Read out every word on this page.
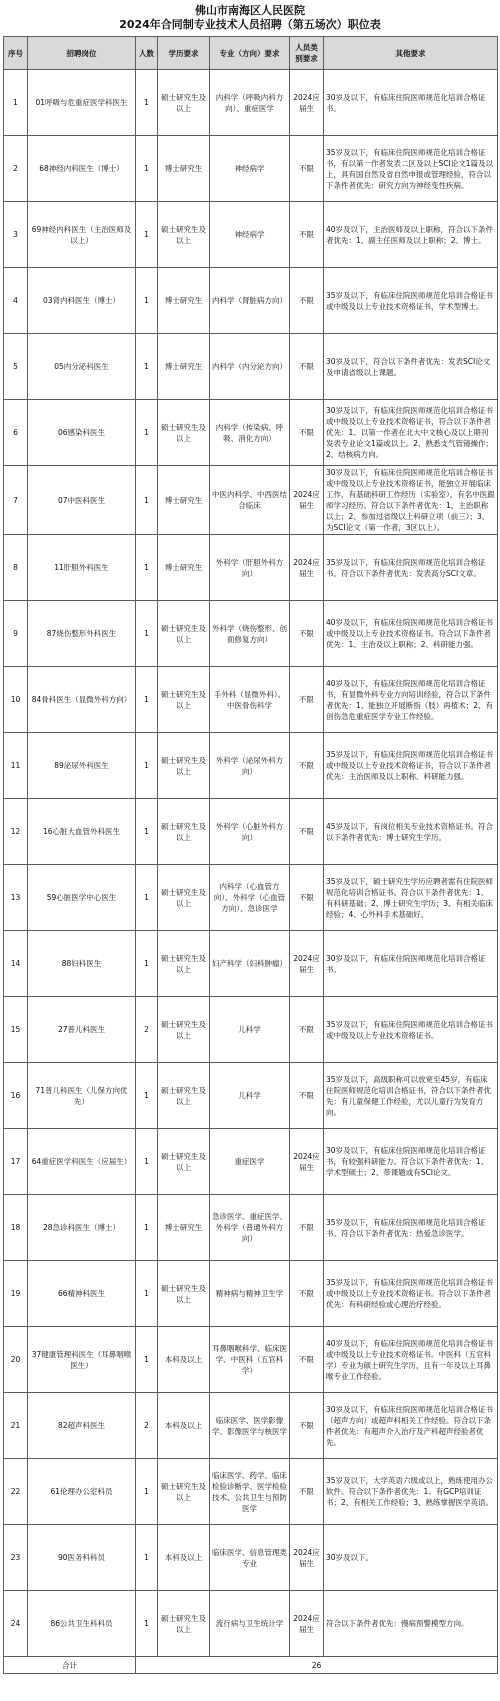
佛山市南海区人民医院
2024年合同制专业技术人员招聘（第五场次）职位表
序号	招聘岗位	人数	学历要求	专业（方向）要求	人员类别要求	其他要求
1	01呼吸与危重症医学科医生	1	硕士研究生及以上	内科学（呼吸内科方向）、重症医学	2024应届生	30岁及以下，有临床住院医师规范化培训合格证书。
2	68神经内科医生（博士）	1	博士研究生	神经病学	不限	35岁及以下，有临床住院医师规范化培训合格证书，有以第一作者发表二区及以上SCI论文1篇及以上，具有国自然及省自然申报或管理经验，符合以下条件者优先：研究方向为神经变性疾病。
3	69神经内科医生（主治医师及以上）	1	硕士研究生及以上	神经病学	不限	40岁及以下，主治医师及以上职称，符合以下条件者优先：1、副主任医师及以上职称；2、博士。
4	03肾内科医生（博士）	1	博士研究生	内科学（肾脏病方向）	不限	35岁及以下，有临床住院医师规范化培训合格证书或中级及以上专业技术资格证书，学术型博士。
5	05内分泌科医生	1	博士研究生	内科学（内分泌方向）	不限	30岁及以下，符合以下条件者优先：发表SCI论文及申请省级以上课题。
6	06感染科医生	1	硕士研究生及以上	内科学（传染病、呼吸、消化方向）	不限	30岁及以下，有临床住院医师规范化培训合格证书或中级及以上专业技术资格证书，符合以下条件者优先：1、以第一作者在北大中文核心及以上期刊发表专业论文1篇或以上。2、熟悉支气管镜操作；2、结核病方向。
7	07中医科医生	1	博士研究生	中医内科学、中西医结合临床	2024应届生	30岁及以下，有临床住院医师规范化培训合格证书或中级及以上专业技术资格证书，能独立开展临床工作，有基础科研工作经历（实验室），有名中医跟师学习经历。符合以下条件者优先：1、主治职称以上；2、参加过省级以上科研立项（前三）；3、为SCI论文（第一作者，3区以上）。
8	11肝胆外科医生	1	博士研究生	外科学（肝胆外科方向）	2024应届生	35岁及以下，有临床住院医师规范化培训合格证书。符合以下条件者优先：发表高分SCI文章。
9	87烧伤整形外科医生	1	硕士研究生及以上	外科学（烧伤整形、创面修复方向）	不限	40岁及以下，有临床住院医师规范化培训合格证书或中级及以上专业技术资格证书。符合以下条件者优先：1、主治及以上职称；2、科研能力强。
10	84骨科医生（显微外科方向）	1	硕士研究生及以上	手外科（显微外科）、中医骨伤科学	不限	40岁及以下，有临床住院医师规范化培训合格证书，有显微外科专业方向培训经验，符合以下条件者优先：1、能独立开展断指（肢）再植术；2、有创伤急危重症医学专业工作经验。
11	89泌尿外科医生	1	硕士研究生及以上	外科学（泌尿外科方向）	不限	35岁及以下，有临床住院医师规范化培训合格证书或中级及以上专业技术资格证书，符合以下条件者优先：主治医师及以上职称、科研能力强。
12	16心脏大血管外科医生	1	硕士研究生及以上	外科学（心脏外科方向）	不限	45岁及以下，有岗位相关专业技术资格证书。符合以下条件者优先：博士研究生学历。
13	59心脏医学中心医生	1	硕士研究生及以上	内科学（心血管方向）、外科学（心血管方向）、急诊医学	不限	35岁及以下，硕士研究生学历应聘者需有住院医师规范化培训合格证书。符合以下条件者优先：1、有科研基础；2、博士研究生学历；3、有相关临床经验；4、心外科手术基础好。
14	88妇科医生	1	硕士研究生及以上	妇产科学（妇科肿瘤）	2024应届生	30岁及以下，有临床住院医师规范化培训合格证书。
15	27普儿科医生	2	硕士研究生及以上	儿科学	不限	35岁及以下，有临床住院医师规范化培训合格证书或中级及以上专业技术资格证书。
16	71普儿科医生（儿保方向优先）	1	硕士研究生及以上	儿科学	不限	35岁及以下，高级职称可以放宽至45岁，有临床住院医师规范化培训合格证书，符合以下条件者优先：有儿童保健工作经验，尤以儿童行为发育方向。
17	64重症医学科医生（应届生）	1	硕士研究生及以上	重症医学	2024应届生	30岁及以下，有临床住院医师规范化培训合格证书，有较强科研能力。符合以下条件者优先：1、学术型硕士；2、带课题或有SCI论文。
18	28急诊科医生（博士）	1	博士研究生	急诊医学、重症医学、外科学（普通外科方向）	不限	35岁及以下，有临床住院医师规范化培训合格证书。符合以下条件者优先：热爱急诊医学。
19	66精神科医生	1	硕士研究生及以上	精神病与精神卫生学	不限	35岁及以下，有临床住院医师规范化培训合格证书或中级及以上专业技术资格证书。符合以下条件者优先：有科研经验或心理治疗经验。
20	37健康管理科医生（耳鼻咽喉医生）	1	本科及以上	耳鼻咽喉科学、临床医学、中医科（五官科学）	不限	40岁及以下，有临床住院医师规范化培训合格证书或中级及以上专业技术资格证书。中医科（五官科学）专业为硕士研究生学历，且有一年及以上耳鼻喉专业工作经验。
21	82超声科医生	2	本科及以上	临床医学、医学影像学、影像医学与核医学	不限	30岁及以下，有临床住院医师规范化培训合格证书（超声方向）或超声科相关工作经验。符合以下条件者优先：有超声介入治疗及产科超声经验者优先。
22	61伦理办公室科员	1	硕士研究生及以上	临床医学、药学、临床检验诊断学、医学检验技术、公共卫生与预防医学	不限	35岁及以下，大学英语六级或以上，熟练使用办公软件。符合以下条件者优先：1、有GCP培训证书；2、有相关工作经验；3、熟练掌握医学英语。
23	90医务科科员	1	本科及以上	临床医学、信息管理类专业	2024应届生	30岁及以下。
24	86公共卫生科科员	1	硕士研究生及以上	流行病与卫生统计学	2024应届生	符合以下条件者优先：慢病预警模型方向。
合计		26				
